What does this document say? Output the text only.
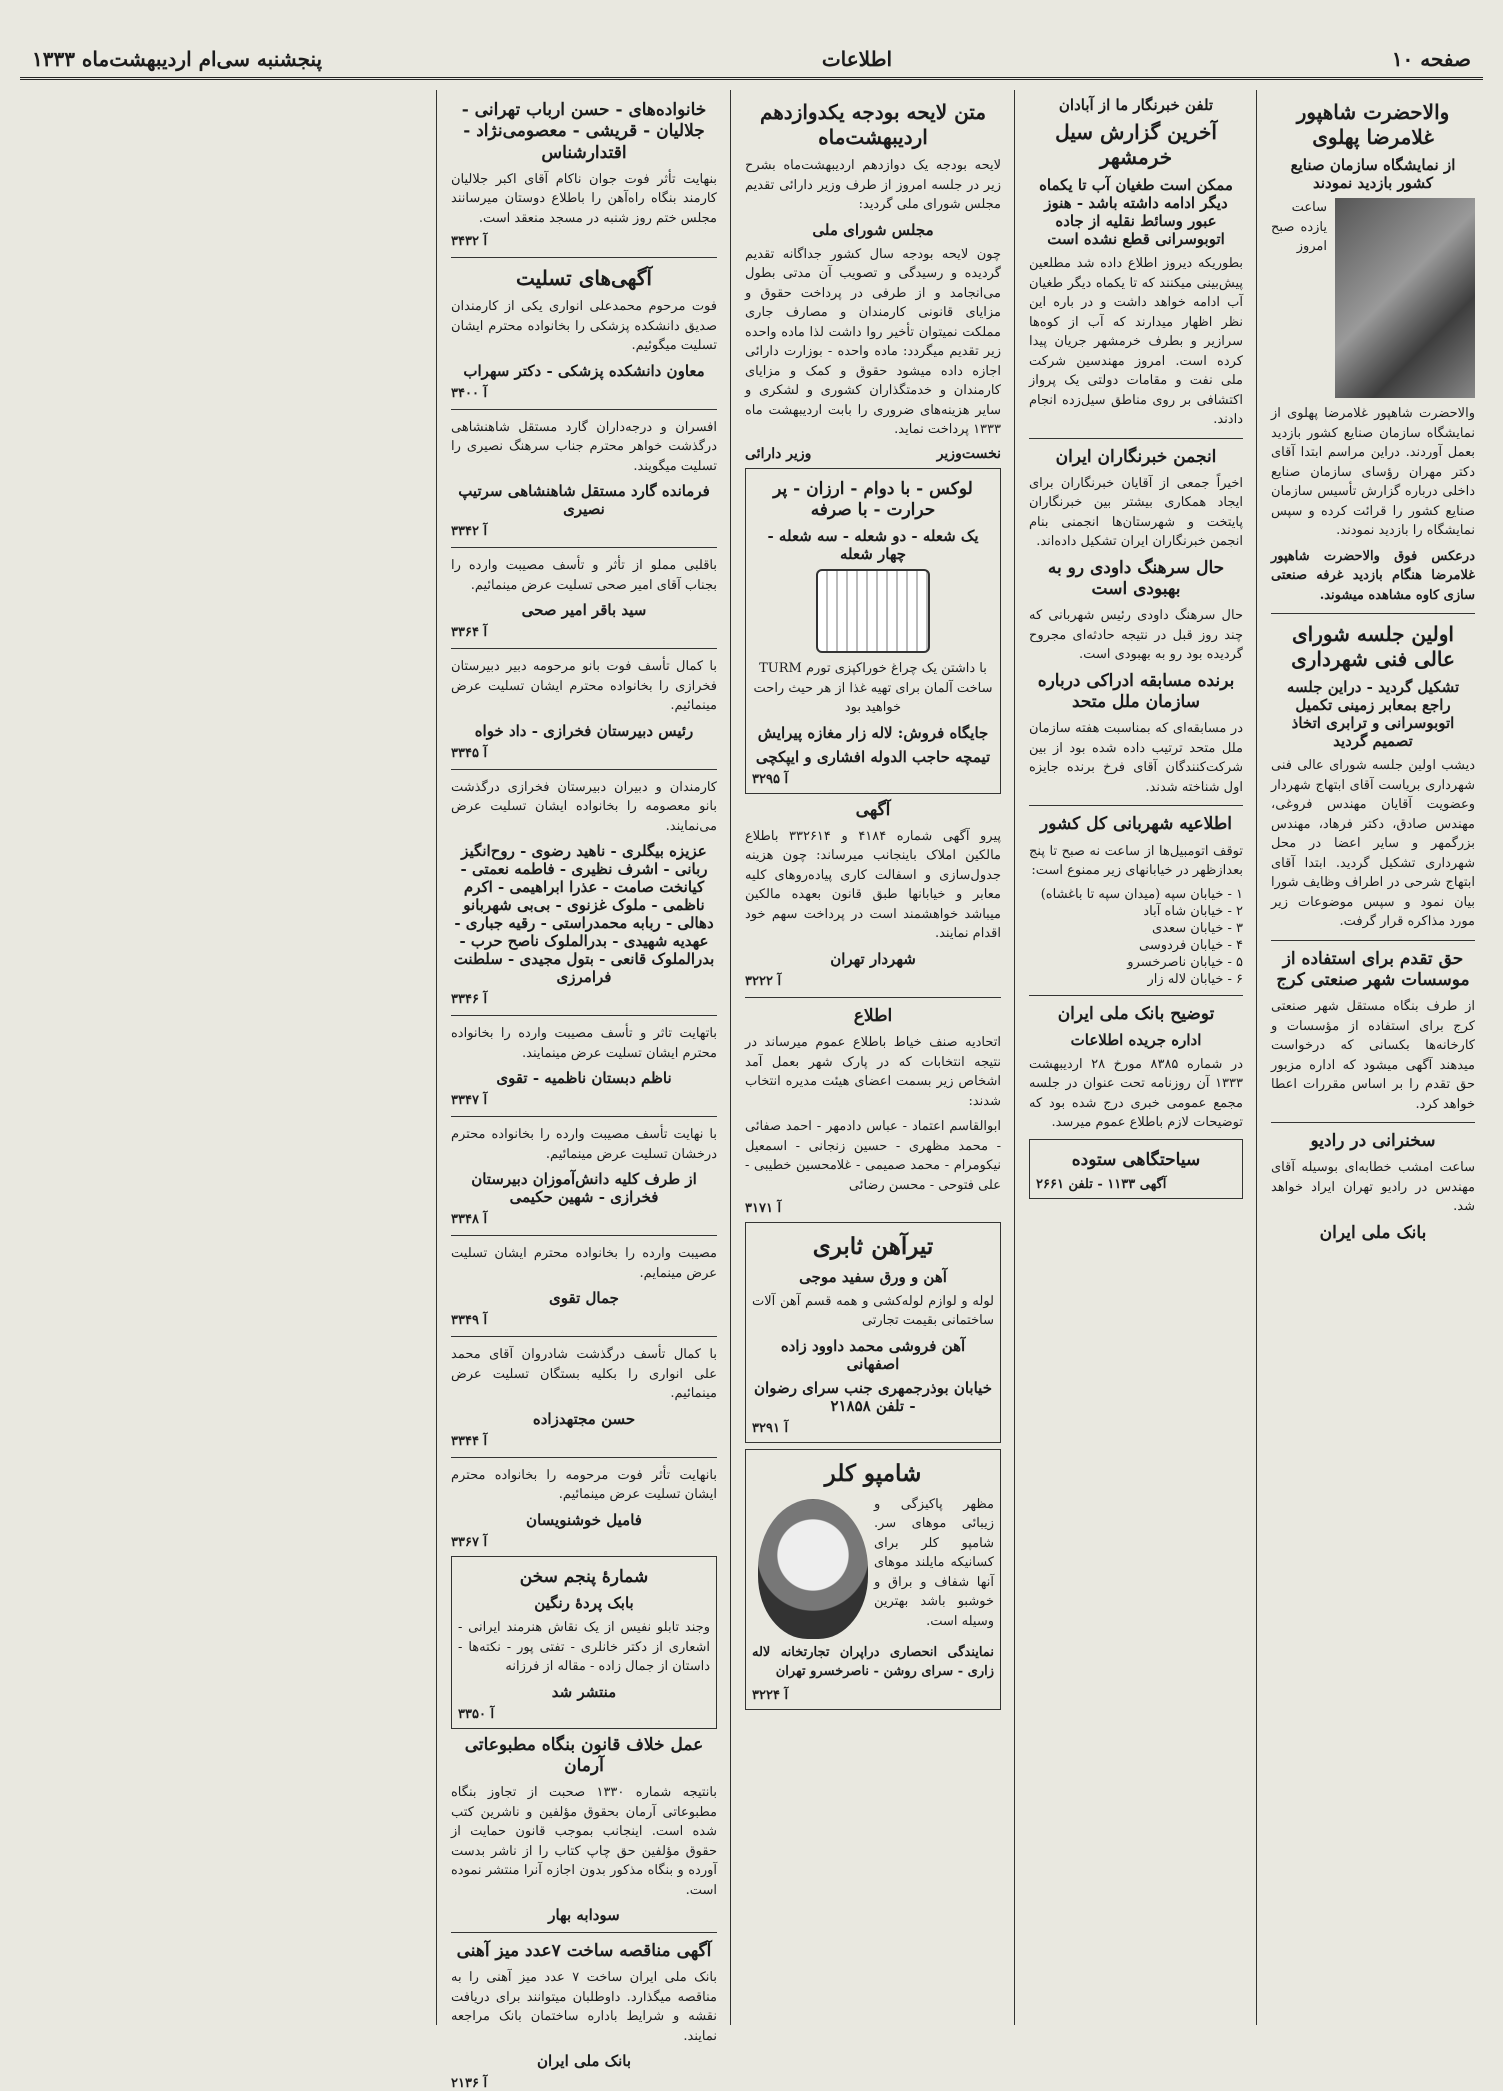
صفحه ۱۰
اطلاعات
پنجشنبه سی‌ام اردیبهشت‌ماه ۱۳۳۳
والاحضرت شاهپور غلامرضا پهلوی
از نمایشگاه سازمان صنایع کشور بازدید نمودند

ساعت یازده صبح امروز والاحضرت شاهپور غلامرضا پهلوی از نمایشگاه سازمان صنایع کشور بازدید بعمل آوردند. دراین مراسم ابتدا آقای دکتر مهران رؤسای سازمان صنایع داخلی درباره گزارش تأسیس سازمان صنایع کشور را قرائت کرده و سپس نمایشگاه را بازدید نمودند.

درعکس فوق والاحضرت شاهپور غلامرضا هنگام بازدید غرفه صنعتی سازی کاوه مشاهده میشوند.

اولین جلسه شورای عالی فنی شهرداری
تشکیل گردید - دراین جلسه راجع بمعابر زمینی تکمیل اتوبوسرانی و ترابری اتخاذ تصمیم گردید

دیشب اولین جلسه شورای عالی فنی شهرداری بریاست آقای ابتهاج شهردار وعضویت آقایان مهندس فروغی، مهندس صادق، دکتر فرهاد، مهندس بزرگمهر و سایر اعضا در محل شهرداری تشکیل گردید. ابتدا آقای ابتهاج شرحی در اطراف وظایف شورا بیان نمود و سپس موضوعات زیر مورد مذاکره قرار گرفت.

حق تقدم برای استفاده از موسسات شهر صنعتی کرج

از طرف بنگاه مستقل شهر صنعتی کرج برای استفاده از مؤسسات و کارخانه‌ها بکسانی که درخواست میدهند آگهی میشود که اداره مزبور حق تقدم را بر اساس مقررات اعطا خواهد کرد.

سخنرانی در رادیو

ساعت امشب خطابه‌ای بوسیله آقای مهندس در رادیو تهران ایراد خواهد شد.

بانک ملی ایران
تلفن خبرنگار ما از آبادان
آخرین گزارش سیل خرمشهر
ممکن است طغیان آب تا یکماه دیگر ادامه داشته باشد - هنوز عبور وسائط نقلیه از جاده اتوبوسرانی قطع نشده است

بطوریکه دیروز اطلاع داده شد مطلعین پیش‌بینی میکنند که تا یکماه دیگر طغیان آب ادامه خواهد داشت و در باره این نظر اظهار میدارند که آب از کوه‌ها سرازیر و بطرف خرمشهر جریان پیدا کرده است. امروز مهندسین شرکت ملی نفت و مقامات دولتی یک پرواز اکتشافی بر روی مناطق سیل‌زده انجام دادند.

انجمن خبرنگاران ایران

اخیراً جمعی از آقایان خبرنگاران برای ایجاد همکاری بیشتر بین خبرنگاران پایتخت و شهرستان‌ها انجمنی بنام انجمن خبرنگاران ایران تشکیل داده‌اند.

حال سرهنگ داودی رو به بهبودی است

حال سرهنگ داودی رئیس شهربانی که چند روز قبل در نتیجه حادثه‌ای مجروح گردیده بود رو به بهبودی است.

برنده مسابقه ادراکی درباره سازمان ملل متحد

در مسابقه‌ای که بمناسبت هفته سازمان ملل متحد ترتیب داده شده بود از بین شرکت‌کنندگان آقای فرخ برنده جایزه اول شناخته شدند.

اطلاعیه شهربانی کل کشور

توقف اتومبیل‌ها از ساعت نه صبح تا پنج بعدازظهر در خیابانهای زیر ممنوع است:

۱ - خیابان سپه (میدان سپه تا باغشاه)

۲ - خیابان شاه آباد

۳ - خیابان سعدی

۴ - خیابان فردوسی

۵ - خیابان ناصرخسرو

۶ - خیابان لاله زار

توضیح بانک ملی ایران
اداره جریده اطلاعات

در شماره ۸۳۸۵ مورخ ۲۸ اردیبهشت ۱۳۳۳ آن روزنامه تحت عنوان در جلسه مجمع عمومی خبری درج شده بود که توضیحات لازم باطلاع عموم میرسد.

سیاحتگاهی ستوده
آگهی ۱۱۳۳ - تلفن ۲۶۶۱
متن لایحه بودجه یکدوازدهم اردیبهشت‌ماه

لایحه بودجه یک دوازدهم اردیبهشت‌ماه بشرح زیر در جلسه امروز از طرف وزیر دارائی تقدیم مجلس شورای ملی گردید:

مجلس شورای ملی

چون لایحه بودجه سال کشور جداگانه تقدیم گردیده و رسیدگی و تصویب آن مدتی بطول می‌انجامد و از طرفی در پرداخت حقوق و مزایای قانونی کارمندان و مصارف جاری مملکت نمیتوان تأخیر روا داشت لذا ماده واحده زیر تقدیم میگردد: ماده واحده - بوزارت دارائی اجازه داده میشود حقوق و کمک و مزایای کارمندان و خدمتگذاران کشوری و لشکری و سایر هزینه‌های ضروری را بابت اردیبهشت ماه ۱۳۳۳ پرداخت نماید.

نخست‌وزیر
وزیر دارائی
لوکس - با دوام - ارزان - پر حرارت - با صرفه
یک شعله - دو شعله - سه شعله - چهار شعله

با داشتن یک چراغ خوراکپزی تورم TURM ساخت آلمان برای تهیه غذا از هر حیث راحت خواهید بود

جایگاه فروش: لاله زار مغازه پیرایش
تیمچه حاجب الدوله افشاری و ایپکچی
۳۲۹۵ آ
آگهی

پیرو آگهی شماره ۴۱۸۴ و ۳۳۲۶۱۴ باطلاع مالکین املاک باینجانب میرساند: چون هزینه جدول‌سازی و اسفالت کاری پیاده‌روهای کلیه معابر و خیابانها طبق قانون بعهده مالکین میباشد خواهشمند است در پرداخت سهم خود اقدام نمایند.

شهردار تهران
۳۲۲۲ آ
اطلاع

اتحادیه صنف خیاط باطلاع عموم میرساند در نتیجه انتخابات که در پارک شهر بعمل آمد اشخاص زیر بسمت اعضای هیئت مدیره انتخاب شدند:

ابوالقاسم اعتماد - عباس دادمهر - احمد صفائی - محمد مظهری - حسین زنجانی - اسمعیل نیکومرام - محمد صمیمی - غلامحسین خطیبی - علی فتوحی - محسن رضائی

۳۱۷۱ آ
تیرآهن ثابری
آهن و ورق سفید موجی

لوله و لوازم لوله‌کشی و همه قسم آهن آلات ساختمانی بقیمت تجارتی

آهن فروشی محمد داوود زاده اصفهانی
خیابان بوذرجمهری جنب سرای رضوان - تلفن ۲۱۸۵۸
۳۲۹۱ آ
شامپو کلر

مظهر پاکیزگی و زیبائی موهای سر. شامپو کلر برای کسانیکه مایلند موهای آنها شفاف و براق و خوشبو باشد بهترین وسیله است.

نمایندگی انحصاری دراپران تجارتخانه لاله زاری - سرای روشن - ناصرخسرو تهران

۳۲۲۴ آ
خانواده‌های - حسن ارباب تهرانی - جلالیان - قریشی - معصومی‌نژاد - اقتدارشناس

بنهایت تأثر فوت جوان ناکام آقای اکبر جلالیان کارمند بنگاه راه‌آهن را باطلاع دوستان میرسانند مجلس ختم روز شنبه در مسجد منعقد است.

۳۴۳۲ آ
آگهی‌های تسلیت

فوت مرحوم محمدعلی انواری یکی از کارمندان صدیق دانشکده پزشکی را بخانواده محترم ایشان تسلیت میگوئیم.

معاون دانشکده پزشکی - دکتر سهراب
۳۴۰۰ آ

افسران و درجه‌داران گارد مستقل شاهنشاهی درگذشت خواهر محترم جناب سرهنگ نصیری را تسلیت میگویند.

فرمانده گارد مستقل شاهنشاهی سرتیپ نصیری
۳۳۴۲ آ

باقلبی مملو از تأثر و تأسف مصیبت وارده را بجناب آقای امیر صحی تسلیت عرض مینمائیم.

سید باقر امیر صحی
۳۳۶۴ آ

با کمال تأسف فوت بانو مرحومه دبیر دبیرستان فخرازی را بخانواده محترم ایشان تسلیت عرض مینمائیم.

رئیس دبیرستان فخرازی - داد خواه
۳۳۴۵ آ

کارمندان و دبیران دبیرستان فخرازی درگذشت بانو معصومه را بخانواده ایشان تسلیت عرض می‌نمایند.

عزیزه بیگلری - ناهید رضوی - روح‌انگیز ربانی - اشرف نظیری - فاطمه نعمتی - کیانخت صامت - عذرا ابراهیمی - اکرم ناظمی - ملوک غزنوی - بی‌بی شهربانو دهالی - ربابه محمدراستی - رقیه جباری - عهدیه شهیدی - بدرالملوک ناصح حرب - بدرالملوک قانعی - بتول مجیدی - سلطنت فرامرزی
۳۳۴۶ آ

باتهایت تاثر و تأسف مصیبت وارده را بخانواده محترم ایشان تسلیت عرض مینمایند.

ناظم دبستان ناظمیه - تقوی
۳۳۴۷ آ

با نهایت تأسف مصیبت وارده را بخانواده محترم درخشان تسلیت عرض مینمائیم.

از طرف کلیه دانش‌آموزان دبیرستان فخرازی - شهین حکیمی
۳۳۴۸ آ

مصیبت وارده را بخانواده محترم ایشان تسلیت عرض مینمایم.

جمال تقوی
۳۳۴۹ آ

با کمال تأسف درگذشت شادروان آقای محمد علی انواری را بکلیه بستگان تسلیت عرض مینمائیم.

حسن مجتهدزاده
۳۳۴۴ آ

بانهایت تأثر فوت مرحومه را بخانواده محترم ایشان تسلیت عرض مینمائیم.

فامیل خوشنویسان
۳۳۶۷ آ
شمارهٔ پنجم سخن
بابک پردهٔ رنگین

وجند تابلو نفیس از یک نقاش هنرمند ایرانی - اشعاری از دکتر خانلری - تفتی پور - نکته‌ها - داستان از جمال زاده - مقاله از فرزانه

منتشر شد
۳۳۵۰ آ
عمل خلاف قانون بنگاه مطبوعاتی آرمان

بانتیجه شماره ۱۳۳۰ صحبت از تجاوز بنگاه مطبوعاتی آرمان بحقوق مؤلفین و ناشرین کتب شده است. اینجانب بموجب قانون حمایت از حقوق مؤلفین حق چاپ کتاب را از ناشر بدست آورده و بنگاه مذکور بدون اجازه آنرا منتشر نموده است.

سودابه بهار
آگهی مناقصه ساخت ۷عدد میز آهنی

بانک ملی ایران ساخت ۷ عدد میز آهنی را به مناقصه میگذارد. داوطلبان میتوانند برای دریافت نقشه و شرایط باداره ساختمان بانک مراجعه نمایند.

بانک ملی ایران
۲۱۳۶ آ
